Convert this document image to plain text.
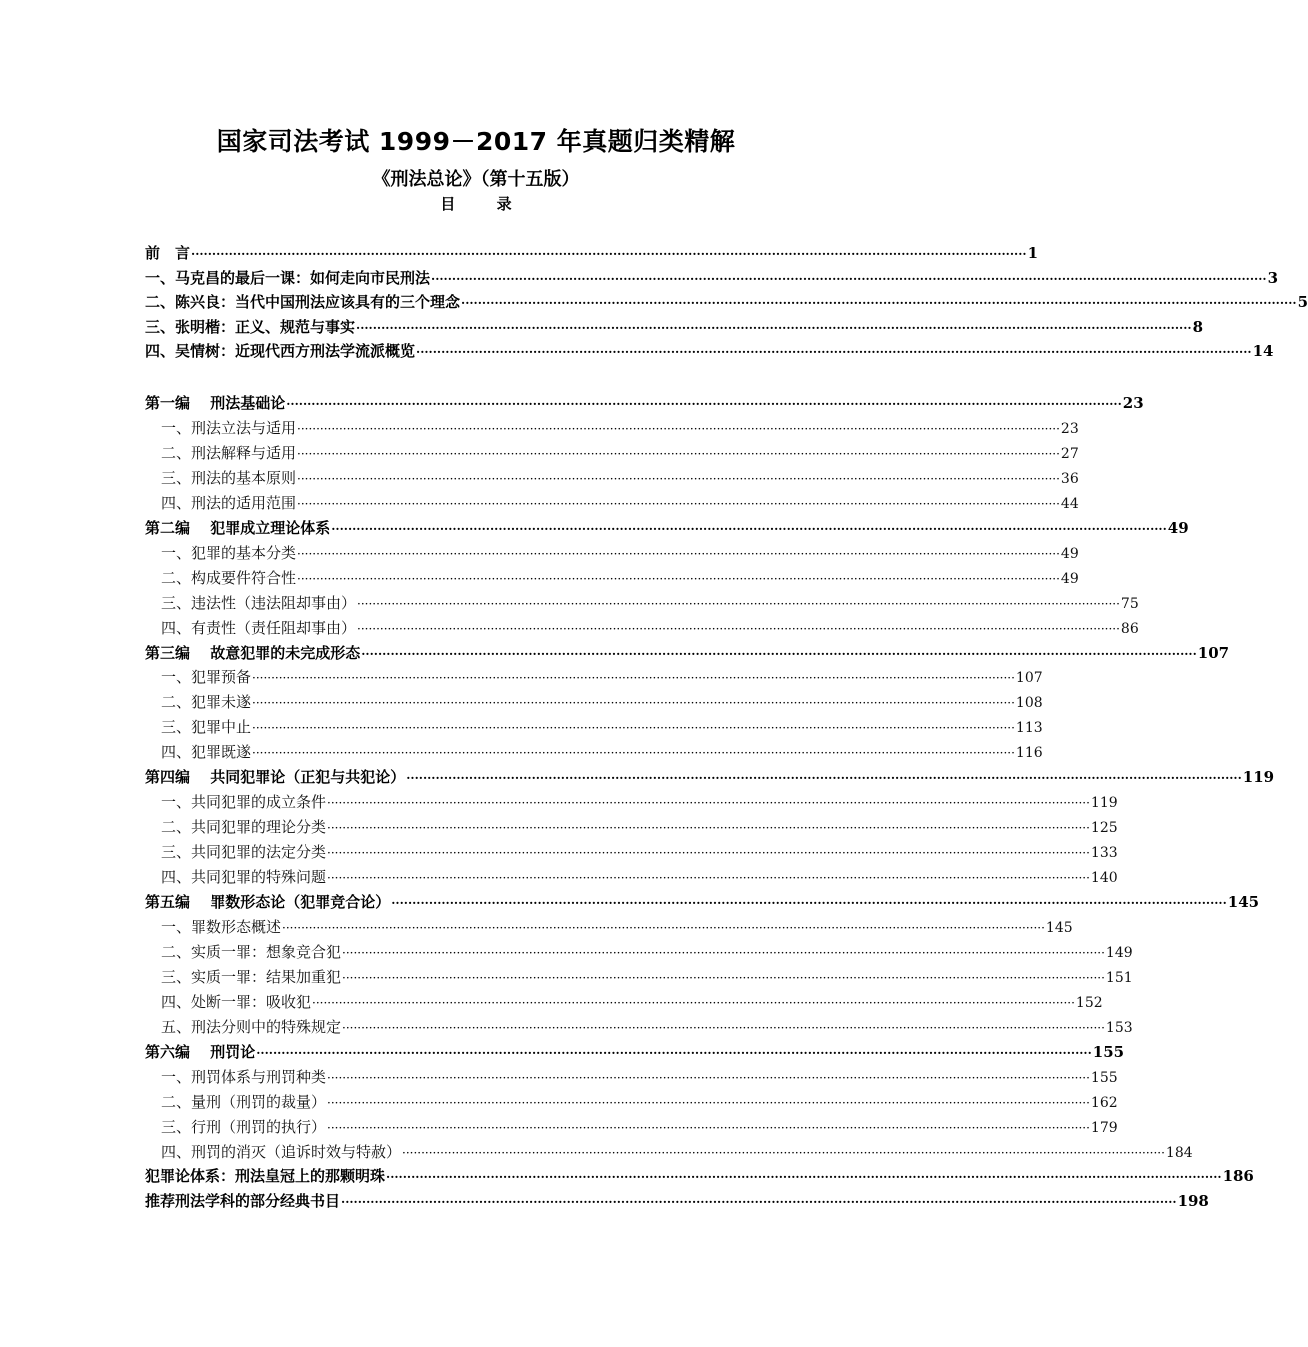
国家司法考试 1999－2017 年真题归类精解
《刑法总论》（第十五版）
目 录
前　言 ········································································································································································································ 1
一、马克昌的最后一课：如何走向市民刑法 ········································································································································································································ 3
二、陈兴良：当代中国刑法应该具有的三个理念 ········································································································································································································ 5
三、张明楷：正义、规范与事实 ········································································································································································································ 8
四、吴情树：近现代西方刑法学流派概览 ········································································································································································································ 14
第一编　 刑法基础论 ········································································································································································································ 23
一、刑法立法与适用 ········································································································································································································ 23
二、刑法解释与适用 ········································································································································································································ 27
三、刑法的基本原则 ········································································································································································································ 36
四、刑法的适用范围 ········································································································································································································ 44
第二编　 犯罪成立理论体系 ········································································································································································································ 49
一、犯罪的基本分类 ········································································································································································································ 49
二、构成要件符合性 ········································································································································································································ 49
三、违法性（违法阻却事由） ········································································································································································································ 75
四、有责性（责任阻却事由） ········································································································································································································ 86
第三编　 故意犯罪的未完成形态 ········································································································································································································ 107
一、犯罪预备 ········································································································································································································ 107
二、犯罪未遂 ········································································································································································································ 108
三、犯罪中止 ········································································································································································································ 113
四、犯罪既遂 ········································································································································································································ 116
第四编　 共同犯罪论（正犯与共犯论） ········································································································································································································ 119
一、共同犯罪的成立条件 ········································································································································································································ 119
二、共同犯罪的理论分类 ········································································································································································································ 125
三、共同犯罪的法定分类 ········································································································································································································ 133
四、共同犯罪的特殊问题 ········································································································································································································ 140
第五编　 罪数形态论（犯罪竞合论） ········································································································································································································ 145
一、罪数形态概述 ········································································································································································································ 145
二、实质一罪：想象竞合犯 ········································································································································································································ 149
三、实质一罪：结果加重犯 ········································································································································································································ 151
四、处断一罪：吸收犯 ········································································································································································································ 152
五、刑法分则中的特殊规定 ········································································································································································································ 153
第六编　 刑罚论 ········································································································································································································ 155
一、刑罚体系与刑罚种类 ········································································································································································································ 155
二、量刑（刑罚的裁量） ········································································································································································································ 162
三、行刑（刑罚的执行） ········································································································································································································ 179
四、刑罚的消灭（追诉时效与特赦） ········································································································································································································ 184
犯罪论体系：刑法皇冠上的那颗明珠 ········································································································································································································ 186
推荐刑法学科的部分经典书目 ········································································································································································································ 198
